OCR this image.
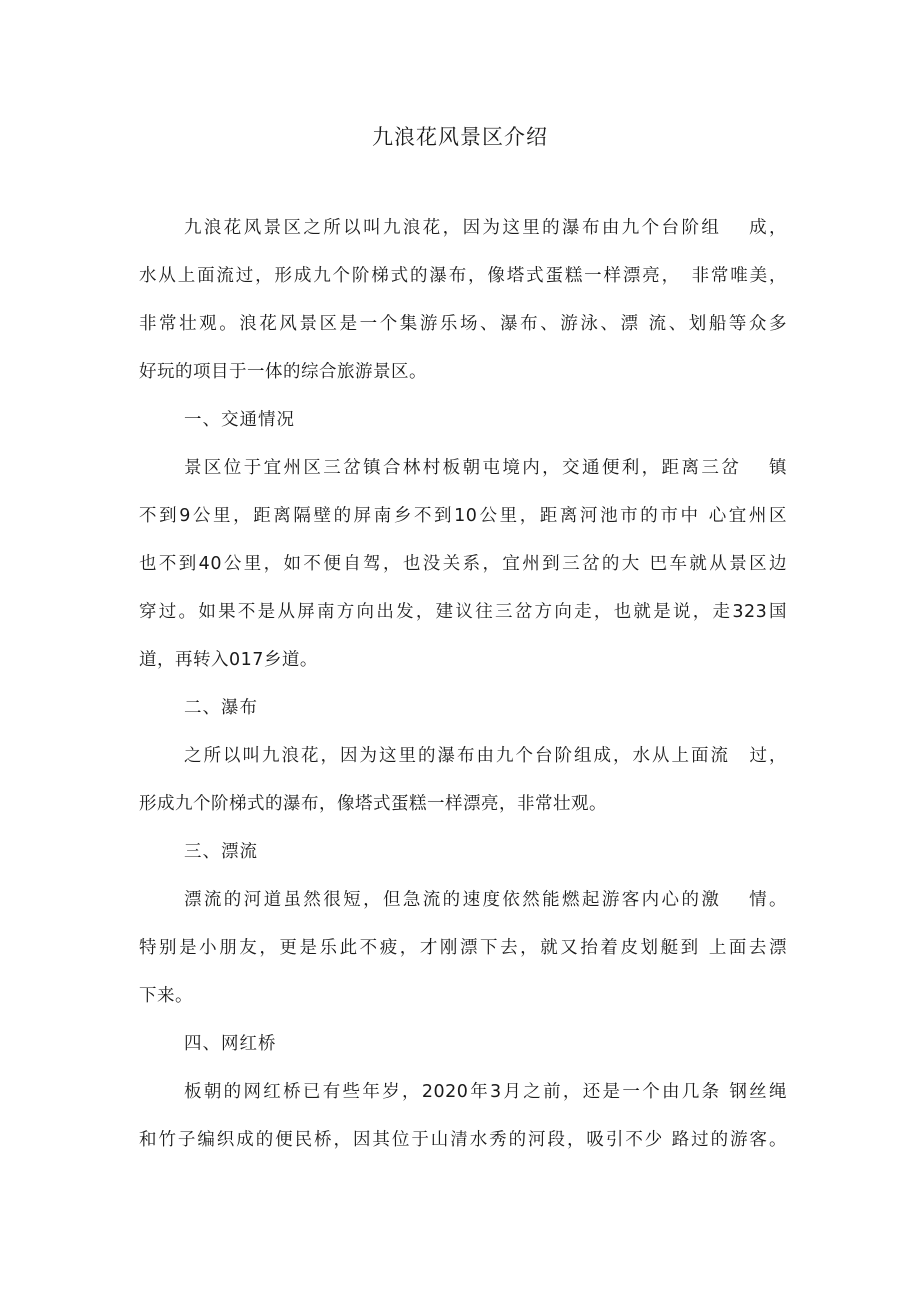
九浪花风景区介绍
九浪花风景区之所以叫九浪花，因为这里的瀑布由九个台阶组　 成，
水从上面流过，形成九个阶梯式的瀑布，像塔式蛋糕一样漂亮，　非常唯美，
非常壮观。浪花风景区是一个集游乐场、瀑布、游泳、漂 流、划船等众多
好玩的项目于一体的综合旅游景区。
一、交通情况
景区位于宜州区三岔镇合林村板朝屯境内，交通便利，距离三岔　 镇
不到9公里，距离隔壁的屏南乡不到10公里，距离河池市的市中 心宜州区
也不到40公里，如不便自驾，也没关系，宜州到三岔的大 巴车就从景区边
穿过。如果不是从屏南方向出发，建议往三岔方向走，也就是说，走323国
道，再转入017乡道。
二、瀑布
之所以叫九浪花，因为这里的瀑布由九个台阶组成，水从上面流　过，
形成九个阶梯式的瀑布，像塔式蛋糕一样漂亮，非常壮观。
三、漂流
漂流的河道虽然很短，但急流的速度依然能燃起游客内心的激　 情。
特别是小朋友，更是乐此不疲，才刚漂下去，就又抬着皮划艇到 上面去漂
下来。
四、网红桥
板朝的网红桥已有些年岁，2020年3月之前，还是一个由几条 钢丝绳
和竹子编织成的便民桥，因其位于山清水秀的河段，吸引不少 路过的游客。
